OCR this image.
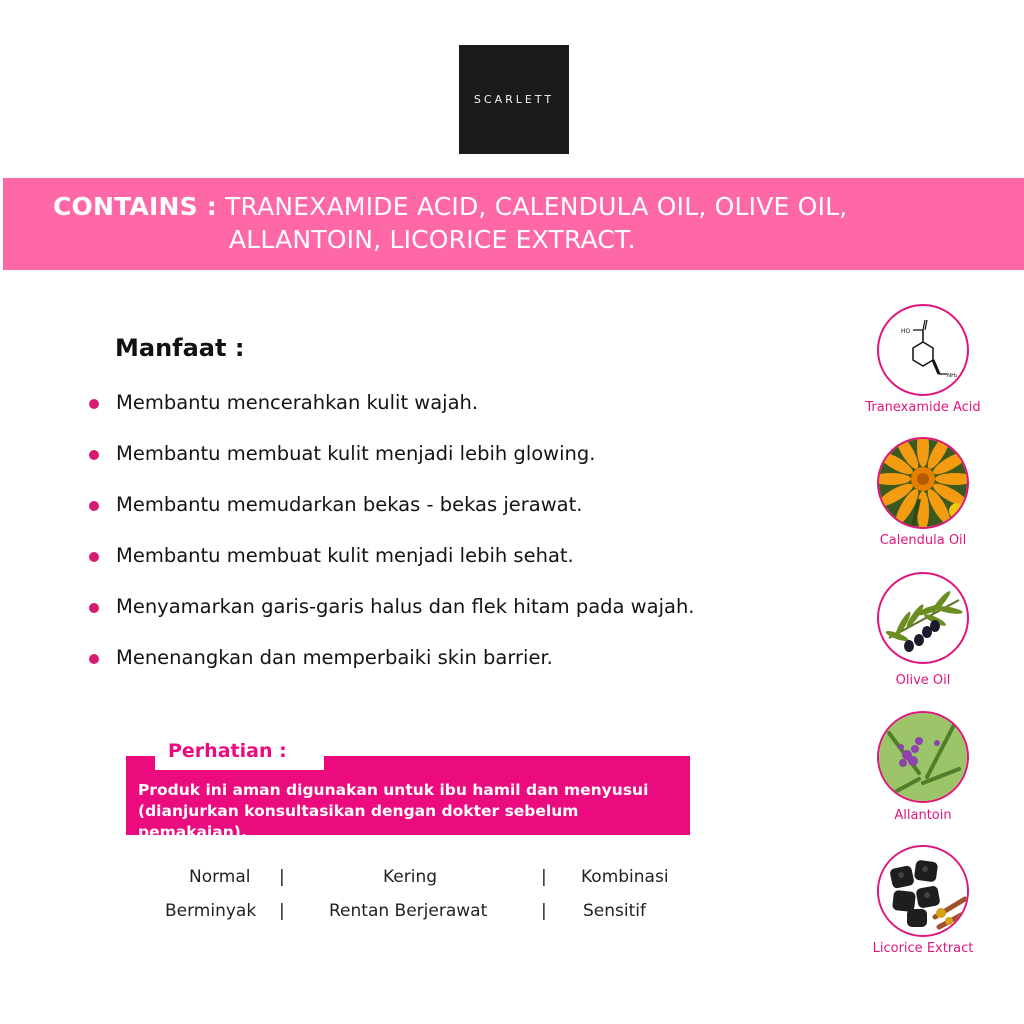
SCARLETT
CONTAINS : TRANEXAMIDE ACID, CALENDULA OIL, OLIVE OIL,
ALLANTOIN, LICORICE EXTRACT.
Manfaat :
Membantu mencerahkan kulit wajah.
Membantu membuat kulit menjadi lebih glowing.
Membantu memudarkan bekas - bekas jerawat.
Membantu membuat kulit menjadi lebih sehat.
Menyamarkan garis-garis halus dan flek hitam pada wajah.
Menenangkan dan memperbaiki skin barrier.
Perhatian :
Produk ini aman digunakan untuk ibu hamil dan menyusui
(dianjurkan konsultasikan dengan dokter sebelum pemakaian).
Normal |	Kering	| Kombinasi
Berminyak |	Rentan Berjerawat	| Sensitif
HO
NH₂
Tranexamide Acid
Calendula Oil
Olive Oil
Allantoin
Licorice Extract
